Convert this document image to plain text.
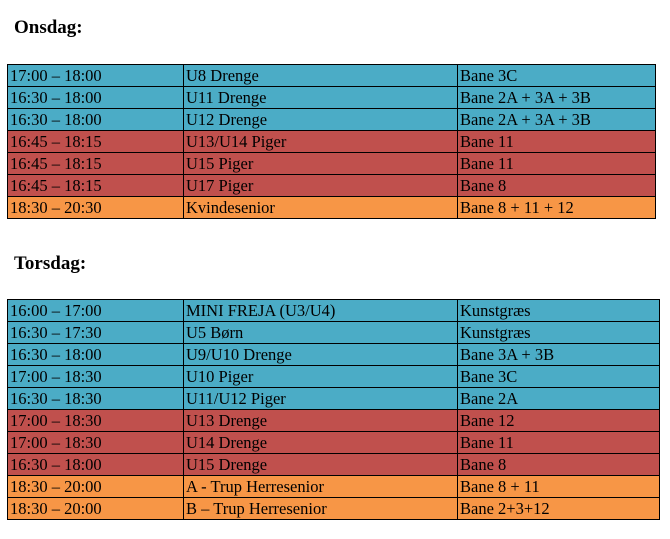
Onsdag:
17:00 – 18:00	U8 Drenge	Bane 3C
16:30 – 18:00	U11 Drenge	Bane 2A + 3A + 3B
16:30 – 18:00	U12 Drenge	Bane 2A + 3A + 3B
16:45 – 18:15	U13/U14 Piger	Bane 11
16:45 – 18:15	U15 Piger	Bane 11
16:45 – 18:15	U17 Piger	Bane 8
18:30 – 20:30	Kvindesenior	Bane 8 + 11 + 12
Torsdag:
16:00 – 17:00	MINI FREJA (U3/U4)	Kunstgræs
16:30 – 17:30	U5 Børn	Kunstgræs
16:30 – 18:00	U9/U10 Drenge	Bane 3A + 3B
17:00 – 18:30	U10 Piger	Bane 3C
16:30 – 18:30	U11/U12 Piger	Bane 2A
17:00 – 18:30	U13 Drenge	Bane 12
17:00 – 18:30	U14 Drenge	Bane 11
16:30 – 18:00	U15 Drenge	Bane 8
18:30 – 20:00	A - Trup Herresenior	Bane 8 + 11
18:30 – 20:00	B – Trup Herresenior	Bane 2+3+12
